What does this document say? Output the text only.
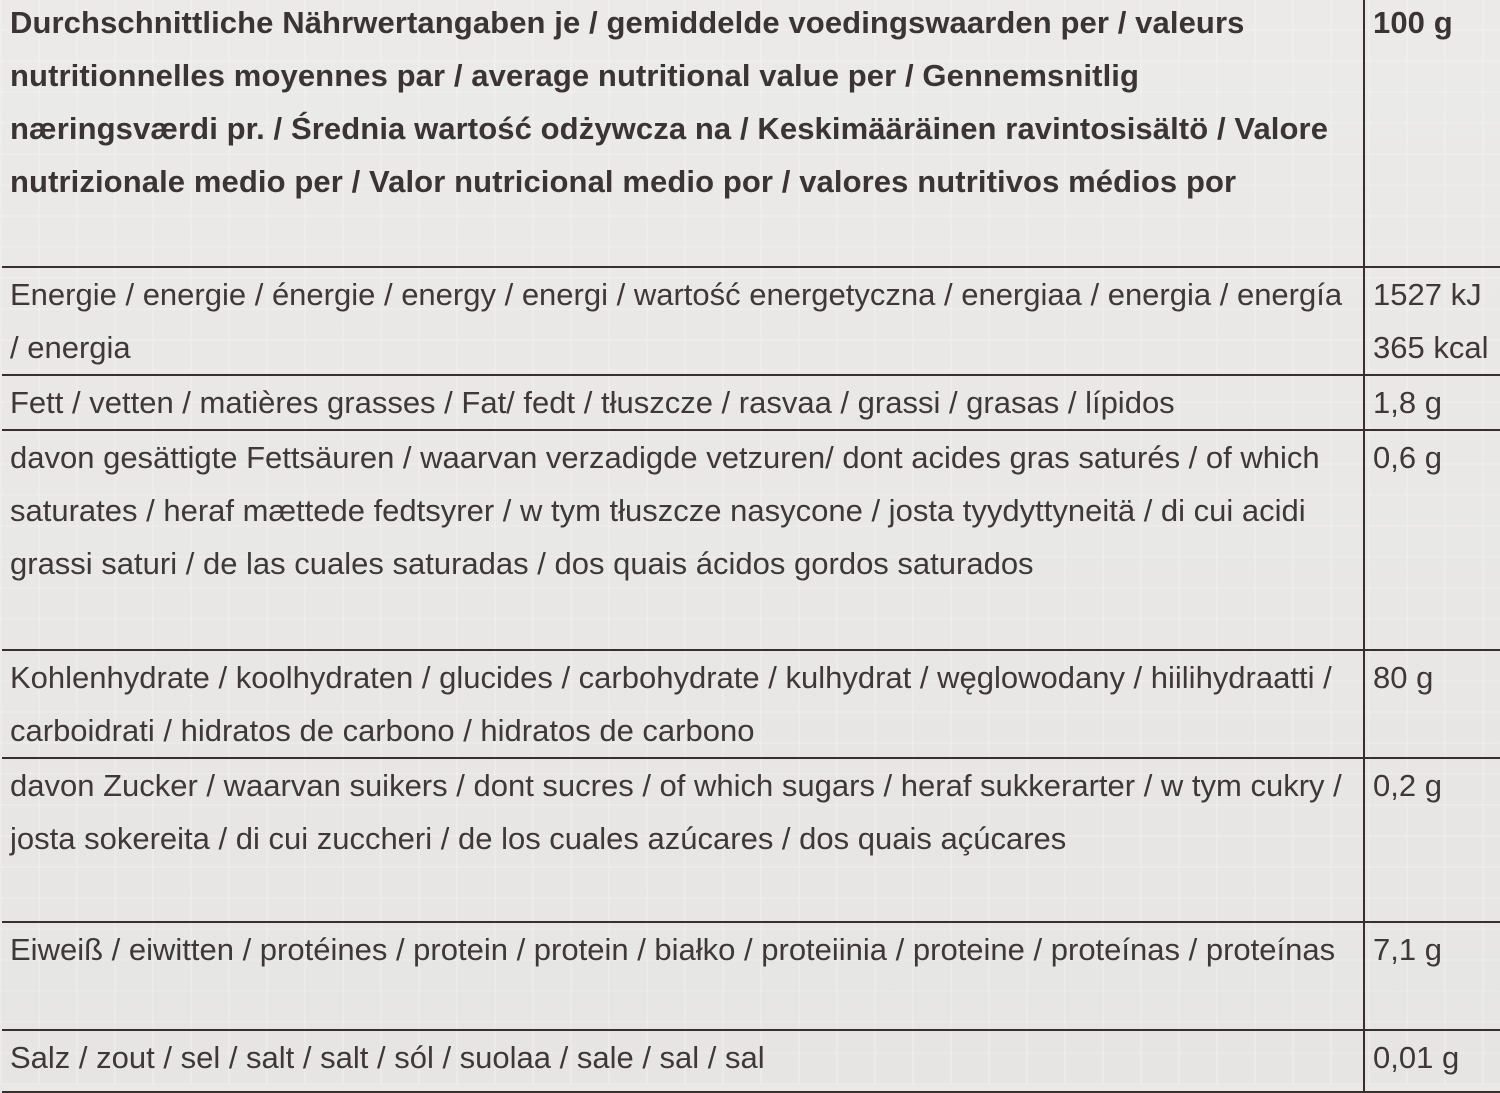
Durchschnittliche Nährwertangaben je / gemiddelde voedingswaarden per / valeurs nutritionnelles moyennes par / average nutritional value per / Gennemsnitlig næringsværdi pr. / Średnia wartość odżywcza na / Keskimääräinen ravintosisältö / Valore nutrizionale medio per / Valor nutricional medio por / valores nutritivos médios por	100 g

Energie / energie / énergie / energy / energi / wartość energetyczna / energiaa / energia / energía / energia	1527 kJ
365 kcal

Fett / vetten / matières grasses / Fat/ fedt / tłuszcze / rasvaa / grassi / grasas / lípidos	1,8 g

davon gesättigte Fettsäuren / waarvan verzadigde vetzuren/ dont acides gras saturés / of which saturates / heraf mættede fedtsyrer / w tym tłuszcze nasycone / josta tyydyttyneitä / di cui acidi grassi saturi / de las cuales saturadas / dos quais ácidos gordos saturados	0,6 g

Kohlenhydrate / koolhydraten / glucides / carbohydrate / kulhydrat / węglowodany / hiilihydraatti / carboidrati / hidratos de carbono / hidratos de carbono	80 g

davon Zucker / waarvan suikers / dont sucres / of which sugars / heraf sukkerarter / w tym cukry / josta sokereita / di cui zuccheri / de los cuales azúcares / dos quais açúcares	0,2 g

Eiweiß / eiwitten / protéines / protein / protein / białko / proteiinia / proteine / proteínas / proteínas	7,1 g

Salz / zout / sel / salt / salt / sól / suolaa / sale / sal / sal	0,01 g
